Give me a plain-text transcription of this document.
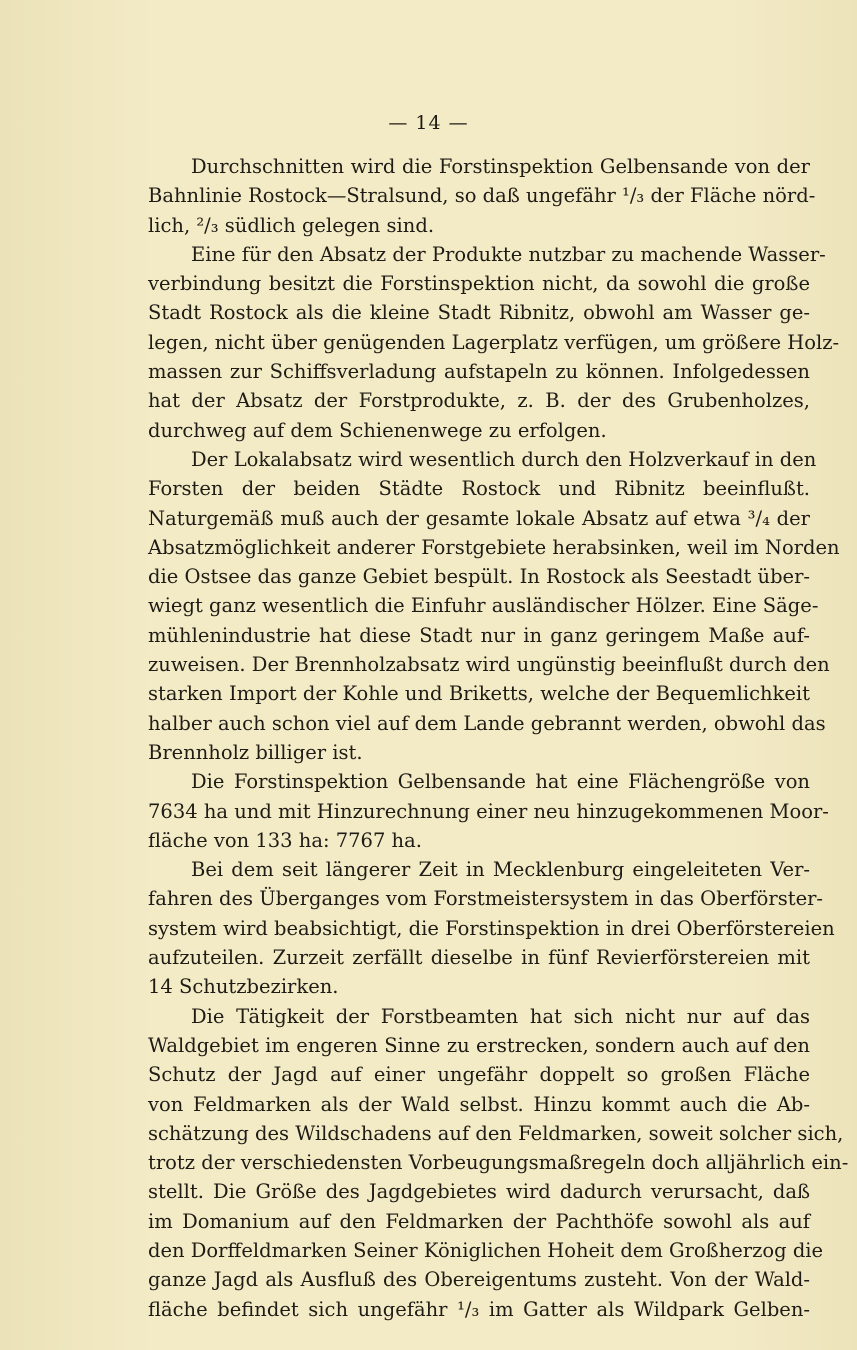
— 14 —
Durchschnitten wird die Forstinspektion Gelbensande von der
Bahnlinie Rostock—Stralsund, so daß ungefähr ¹/₃ der Fläche nörd-
lich, ²/₃ südlich gelegen sind.
Eine für den Absatz der Produkte nutzbar zu machende Wasser-
verbindung besitzt die Forstinspektion nicht, da sowohl die große
Stadt Rostock als die kleine Stadt Ribnitz, obwohl am Wasser ge-
legen, nicht über genügenden Lagerplatz verfügen, um größere Holz-
massen zur Schiffsverladung aufstapeln zu können. Infolgedessen
hat der Absatz der Forstprodukte, z. B. der des Grubenholzes,
durchweg auf dem Schienenwege zu erfolgen.
Der Lokalabsatz wird wesentlich durch den Holzverkauf in den
Forsten der beiden Städte Rostock und Ribnitz beeinflußt.
Naturgemäß muß auch der gesamte lokale Absatz auf etwa ³/₄ der
Absatzmöglichkeit anderer Forstgebiete herabsinken, weil im Norden
die Ostsee das ganze Gebiet bespült. In Rostock als Seestadt über-
wiegt ganz wesentlich die Einfuhr ausländischer Hölzer. Eine Säge-
mühlenindustrie hat diese Stadt nur in ganz geringem Maße auf-
zuweisen. Der Brennholzabsatz wird ungünstig beeinflußt durch den
starken Import der Kohle und Briketts, welche der Bequemlichkeit
halber auch schon viel auf dem Lande gebrannt werden, obwohl das
Brennholz billiger ist.
Die Forstinspektion Gelbensande hat eine Flächengröße von
7634 ha und mit Hinzurechnung einer neu hinzugekommenen Moor-
fläche von 133 ha: 7767 ha.
Bei dem seit längerer Zeit in Mecklenburg eingeleiteten Ver-
fahren des Überganges vom Forstmeistersystem in das Oberförster-
system wird beabsichtigt, die Forstinspektion in drei Oberförstereien
aufzuteilen. Zurzeit zerfällt dieselbe in fünf Revierförstereien mit
14 Schutzbezirken.
Die Tätigkeit der Forstbeamten hat sich nicht nur auf das
Waldgebiet im engeren Sinne zu erstrecken, sondern auch auf den
Schutz der Jagd auf einer ungefähr doppelt so großen Fläche
von Feldmarken als der Wald selbst. Hinzu kommt auch die Ab-
schätzung des Wildschadens auf den Feldmarken, soweit solcher sich,
trotz der verschiedensten Vorbeugungsmaßregeln doch alljährlich ein-
stellt. Die Größe des Jagdgebietes wird dadurch verursacht, daß
im Domanium auf den Feldmarken der Pachthöfe sowohl als auf
den Dorffeldmarken Seiner Königlichen Hoheit dem Großherzog die
ganze Jagd als Ausfluß des Obereigentums zusteht. Von der Wald-
fläche befindet sich ungefähr ¹/₃ im Gatter als Wildpark Gelben-
